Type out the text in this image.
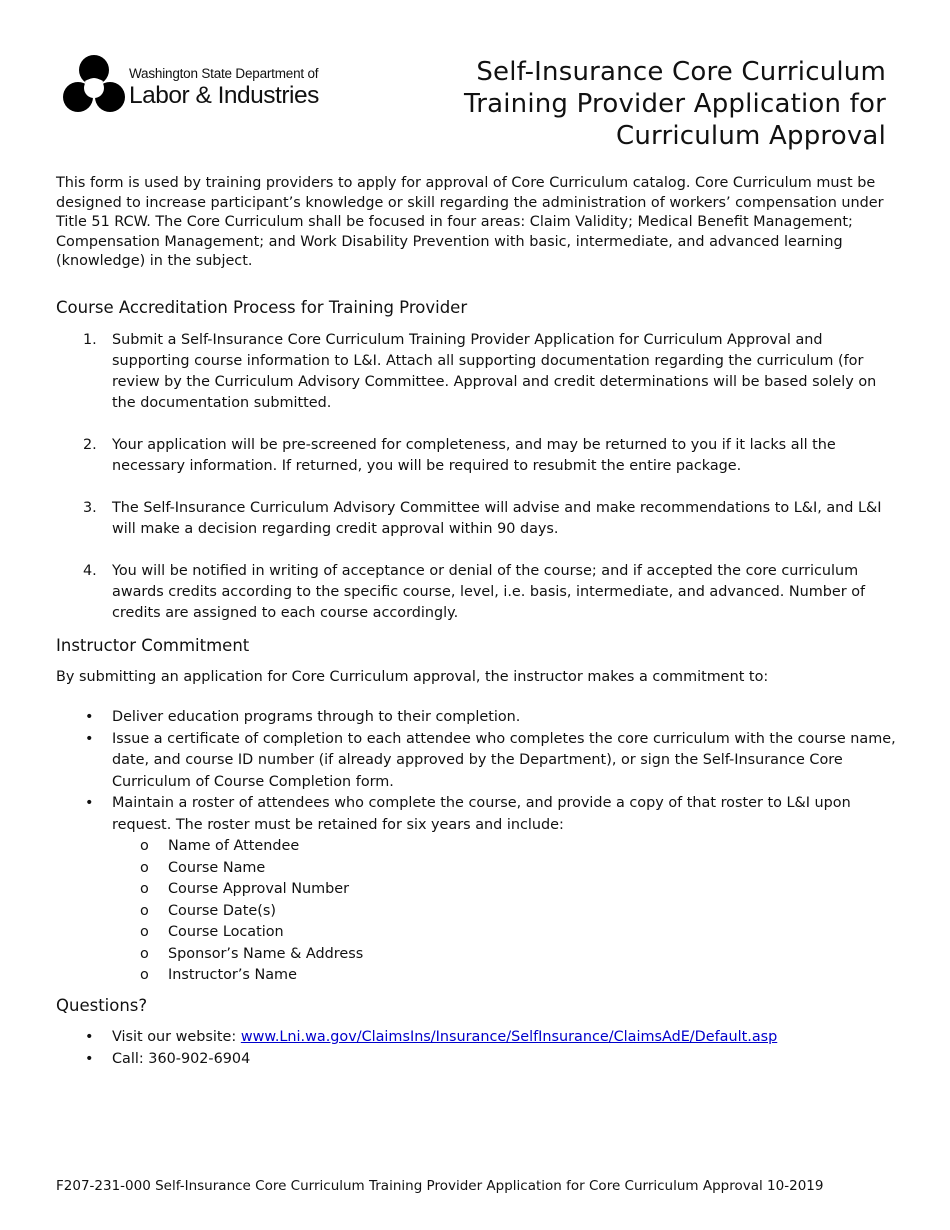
Washington State Department of
Labor & Industries
Self-Insurance Core Curriculum
Training Provider Application for
Curriculum Approval

This form is used by training providers to apply for approval of Core Curriculum catalog. Core Curriculum must be designed to increase participant’s knowledge or skill regarding the administration of workers’ compensation under Title 51 RCW. The Core Curriculum shall be focused in four areas: Claim Validity; Medical Benefit Management; Compensation Management; and Work Disability Prevention with basic, intermediate, and advanced learning (knowledge) in the subject.

Course Accreditation Process for Training Provider
1. Submit a Self-Insurance Core Curriculum Training Provider Application for Curriculum Approval and supporting course information to L&I. Attach all supporting documentation regarding the curriculum (for review by the Curriculum Advisory Committee. Approval and credit determinations will be based solely on the documentation submitted.
2. Your application will be pre-screened for completeness, and may be returned to you if it lacks all the necessary information. If returned, you will be required to resubmit the entire package.
3. The Self-Insurance Curriculum Advisory Committee will advise and make recommendations to L&I, and L&I will make a decision regarding credit approval within 90 days.
4. You will be notified in writing of acceptance or denial of the course; and if accepted the core curriculum awards credits according to the specific course, level, i.e. basis, intermediate, and advanced. Number of credits are assigned to each course accordingly.
Instructor Commitment

By submitting an application for Core Curriculum approval, the instructor makes a commitment to:

• Deliver education programs through to their completion.
• Issue a certificate of completion to each attendee who completes the core curriculum with the course name, date, and course ID number (if already approved by the Department), or sign the Self-Insurance Core Curriculum of Course Completion form.
• Maintain a roster of attendees who complete the course, and provide a copy of that roster to L&I upon request. The roster must be retained for six years and include:
o Name of Attendee
o Course Name
o Course Approval Number
o Course Date(s)
o Course Location
o Sponsor’s Name & Address
o Instructor’s Name
Questions?
• Visit our website: www.Lni.wa.gov/ClaimsIns/Insurance/SelfInsurance/ClaimsAdE/Default.asp
• Call: 360-902-6904
F207-231-000 Self-Insurance Core Curriculum Training Provider Application for Core Curriculum Approval 10-2019
